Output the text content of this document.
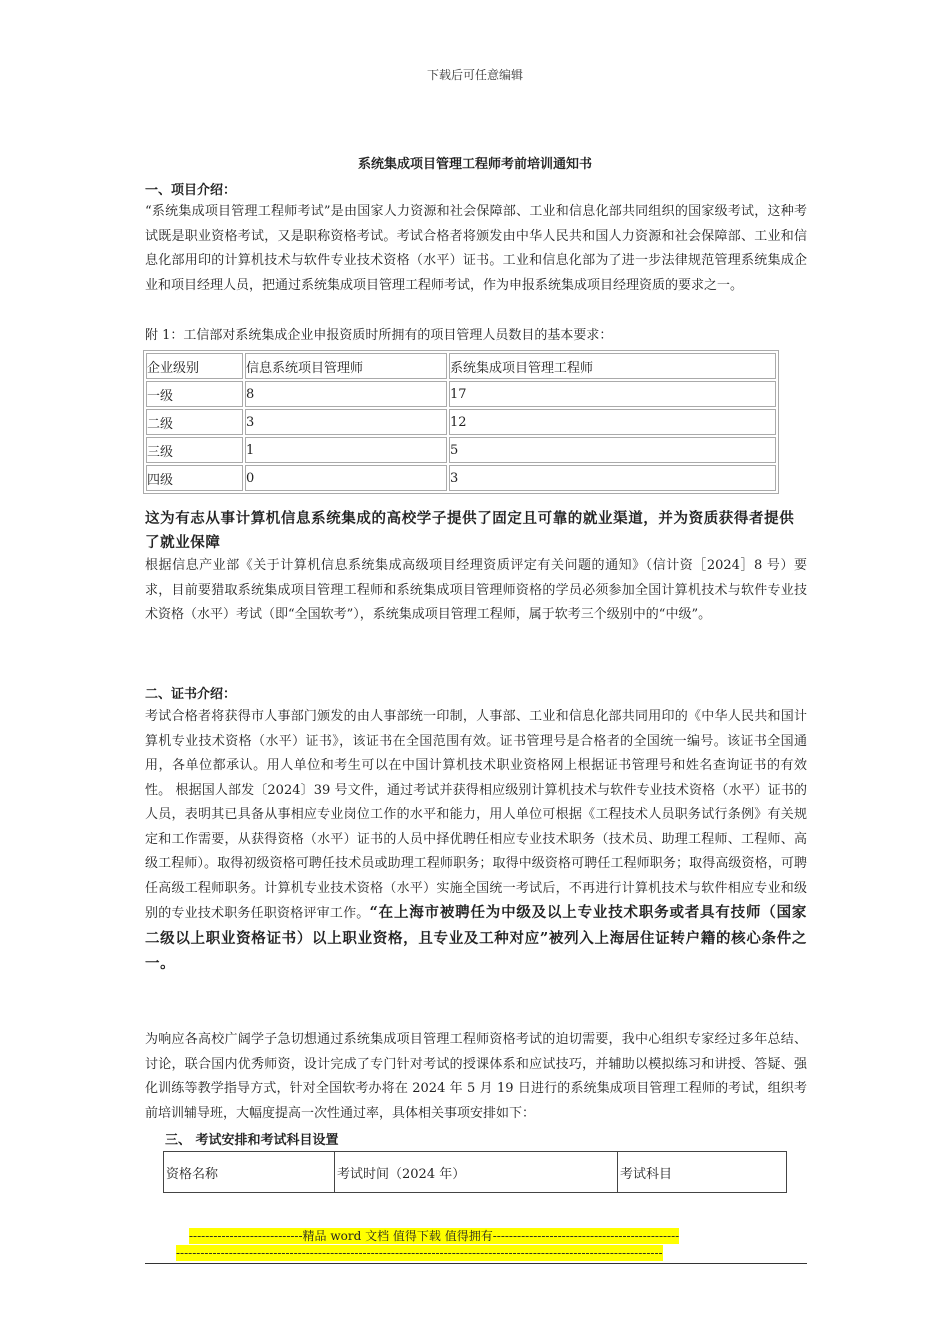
下载后可任意编辑
系统集成项目管理工程师考前培训通知书
一、项目介绍：
“系统集成项目管理工程师考试”是由国家人力资源和社会保障部、工业和信息化部共同组织的国家级考试，这种考试既是职业资格考试，又是职称资格考试。考试合格者将颁发由中华人民共和国人力资源和社会保障部、工业和信息化部用印的计算机技术与软件专业技术资格（水平）证书。工业和信息化部为了进一步法律规范管理系统集成企业和项目经理人员，把通过系统集成项目管理工程师考试，作为申报系统集成项目经理资质的要求之一。
附 1：工信部对系统集成企业申报资质时所拥有的项目管理人员数目的基本要求：
企业级别	信息系统项目管理师	系统集成项目管理工程师
一级	8	17
二级	3	12
三级	1	5
四级	0	3
这为有志从事计算机信息系统集成的高校学子提供了固定且可靠的就业渠道，并为资质获得者提供了就业保障
根据信息产业部《关于计算机信息系统集成高级项目经理资质评定有关问题的通知》（信计资［2024］8 号）要求，目前要猎取系统集成项目管理工程师和系统集成项目管理师资格的学员必须参加全国计算机技术与软件专业技术资格（水平）考试（即“全国软考”），系统集成项目管理工程师，属于软考三个级别中的“中级”。
二、证书介绍：
考试合格者将获得市人事部门颁发的由人事部统一印制，人事部、工业和信息化部共同用印的《中华人民共和国计算机专业技术资格（水平）证书》，该证书在全国范围有效。证书管理号是合格者的全国统一编号。该证书全国通用，各单位都承认。用人单位和考生可以在中国计算机技术职业资格网上根据证书管理号和姓名查询证书的有效性。 根据国人部发〔2024〕39 号文件，通过考试并获得相应级别计算机技术与软件专业技术资格（水平）证书的人员，表明其已具备从事相应专业岗位工作的水平和能力，用人单位可根据《工程技术人员职务试行条例》有关规定和工作需要，从获得资格（水平）证书的人员中择优聘任相应专业技术职务（技术员、助理工程师、工程师、高级工程师）。取得初级资格可聘任技术员或助理工程师职务；取得中级资格可聘任工程师职务；取得高级资格，可聘任高级工程师职务。计算机专业技术资格（水平）实施全国统一考试后，不再进行计算机技术与软件相应专业和级别的专业技术职务任职资格评审工作。“在上海市被聘任为中级及以上专业技术职务或者具有技师（国家二级以上职业资格证书）以上职业资格，且专业及工种对应”被列入上海居住证转户籍的核心条件之一。
为响应各高校广阔学子急切想通过系统集成项目管理工程师资格考试的迫切需要，我中心组织专家经过多年总结、讨论，联合国内优秀师资，设计完成了专门针对考试的授课体系和应试技巧，并辅助以模拟练习和讲授、答疑、强化训练等教学指导方式，针对全国软考办将在 2024 年 5 月 19 日进行的系统集成项目管理工程师的考试，组织考前培训辅导班，大幅度提高一次性通过率，具体相关事项安排如下：
三、 考试安排和考试科目设置
资格名称	考试时间（2024 年）	考试科目
----------------------------精品 word 文档 值得下载 值得拥有----------------------------------------------
------------------------------------------------------------------------------------------------------------------------
